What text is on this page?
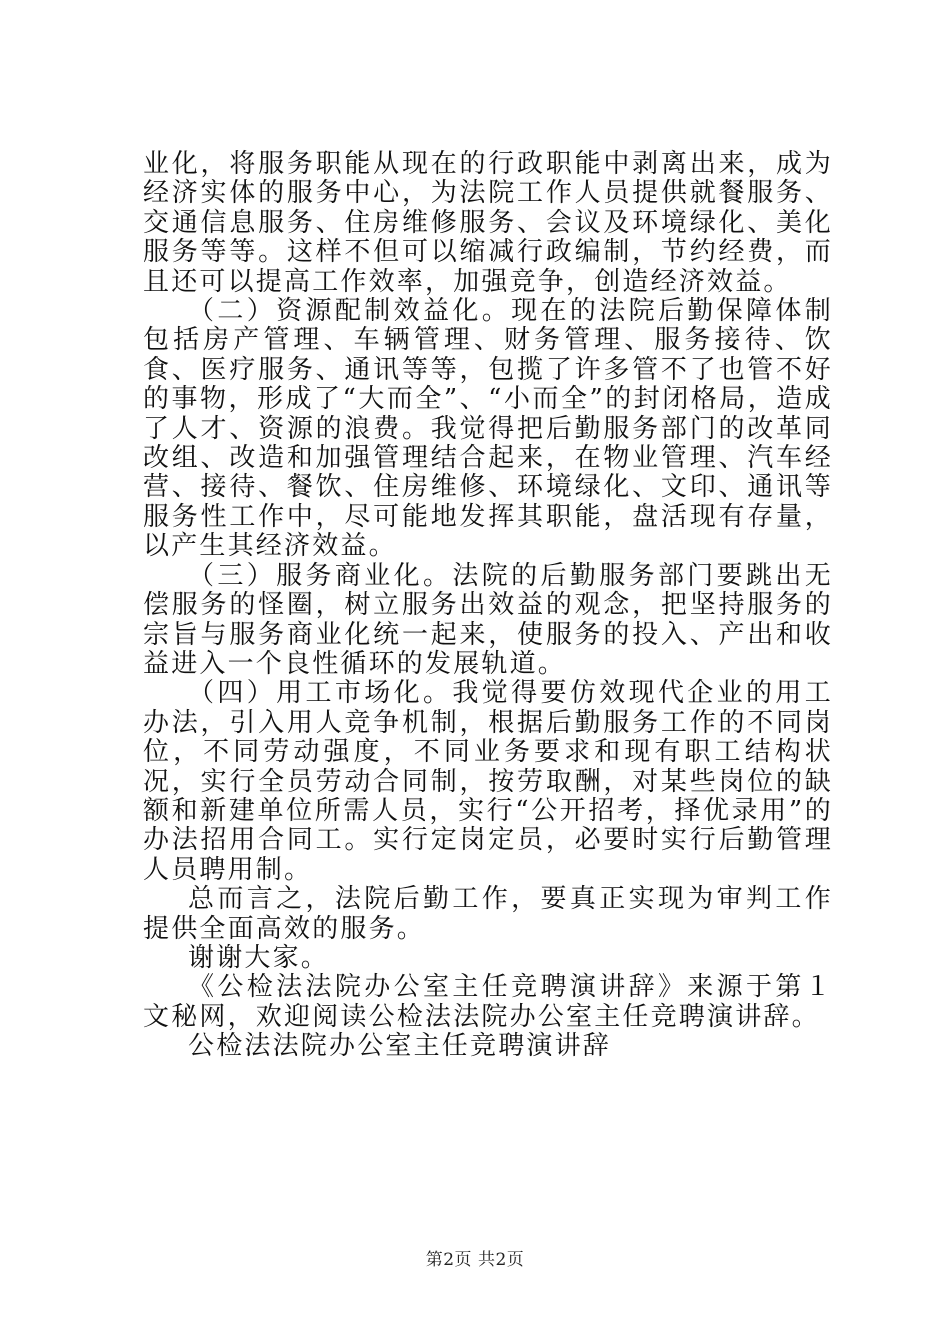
业化，将服务职能从现在的行政职能中剥离出来，成为经济实体的服务中心，为法院工作人员提供就餐服务、交通信息服务、住房维修服务、会议及环境绿化、美化服务等等。这样不但可以缩减行政编制，节约经费，而且还可以提高工作效率，加强竞争，创造经济效益。

（二）资源配制效益化。现在的法院后勤保障体制包括房产管理、车辆管理、财务管理、服务接待、饮食、医疗服务、通讯等等，包揽了许多管不了也管不好的事物，形成了“大而全”、“小而全”的封闭格局，造成了人才、资源的浪费。我觉得把后勤服务部门的改革同改组、改造和加强管理结合起来，在物业管理、汽车经营、接待、餐饮、住房维修、环境绿化、文印、通讯等服务性工作中，尽可能地发挥其职能，盘活现有存量，以产生其经济效益。

（三）服务商业化。法院的后勤服务部门要跳出无偿服务的怪圈，树立服务出效益的观念，把坚持服务的宗旨与服务商业化统一起来，使服务的投入、产出和收益进入一个良性循环的发展轨道。

（四）用工市场化。我觉得要仿效现代企业的用工办法，引入用人竞争机制，根据后勤服务工作的不同岗位，不同劳动强度，不同业务要求和现有职工结构状况，实行全员劳动合同制，按劳取酬，对某些岗位的缺额和新建单位所需人员，实行“公开招考，择优录用”的办法招用合同工。实行定岗定员，必要时实行后勤管理人员聘用制。

总而言之，法院后勤工作，要真正实现为审判工作提供全面高效的服务。

谢谢大家。

《公检法法院办公室主任竞聘演讲辞》来源于第１文秘网，欢迎阅读公检法法院办公室主任竞聘演讲辞。

公检法法院办公室主任竞聘演讲辞

第2页 共2页
